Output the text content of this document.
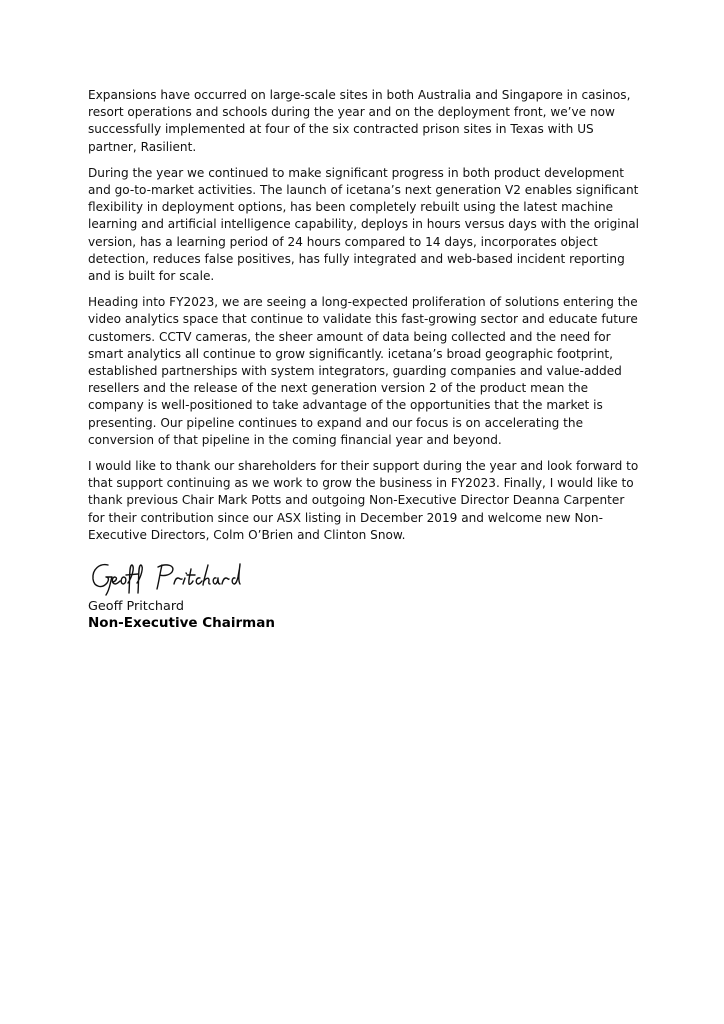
Expansions have occurred on large-scale sites in both Australia and Singapore in casinos, resort operations and schools during the year and on the deployment front, we’ve now successfully implemented at four of the six contracted prison sites in Texas with US partner, Rasilient.

During the year we continued to make significant progress in both product development and go-to-market activities. The launch of icetana’s next generation V2 enables significant flexibility in deployment options, has been completely rebuilt using the latest machine learning and artificial intelligence capability, deploys in hours versus days with the original version, has a learning period of 24 hours compared to 14 days, incorporates object detection, reduces false positives, has fully integrated and web-based incident reporting and is built for scale.

Heading into FY2023, we are seeing a long-expected proliferation of solutions entering the video analytics space that continue to validate this fast-growing sector and educate future customers. CCTV cameras, the sheer amount of data being collected and the need for smart analytics all continue to grow significantly. icetana’s broad geographic footprint, established partnerships with system integrators, guarding companies and value-added resellers and the release of the next generation version 2 of the product mean the company is well-positioned to take advantage of the opportunities that the market is presenting. Our pipeline continues to expand and our focus is on accelerating the conversion of that pipeline in the coming financial year and beyond.

I would like to thank our shareholders for their support during the year and look forward to that support continuing as we work to grow the business in FY2023. Finally, I would like to thank previous Chair Mark Potts and outgoing Non-Executive Director Deanna Carpenter for their contribution since our ASX listing in December 2019 and welcome new Non-Executive Directors, Colm O’Brien and Clinton Snow.

Geoff Pritchard
Non-Executive Chairman
